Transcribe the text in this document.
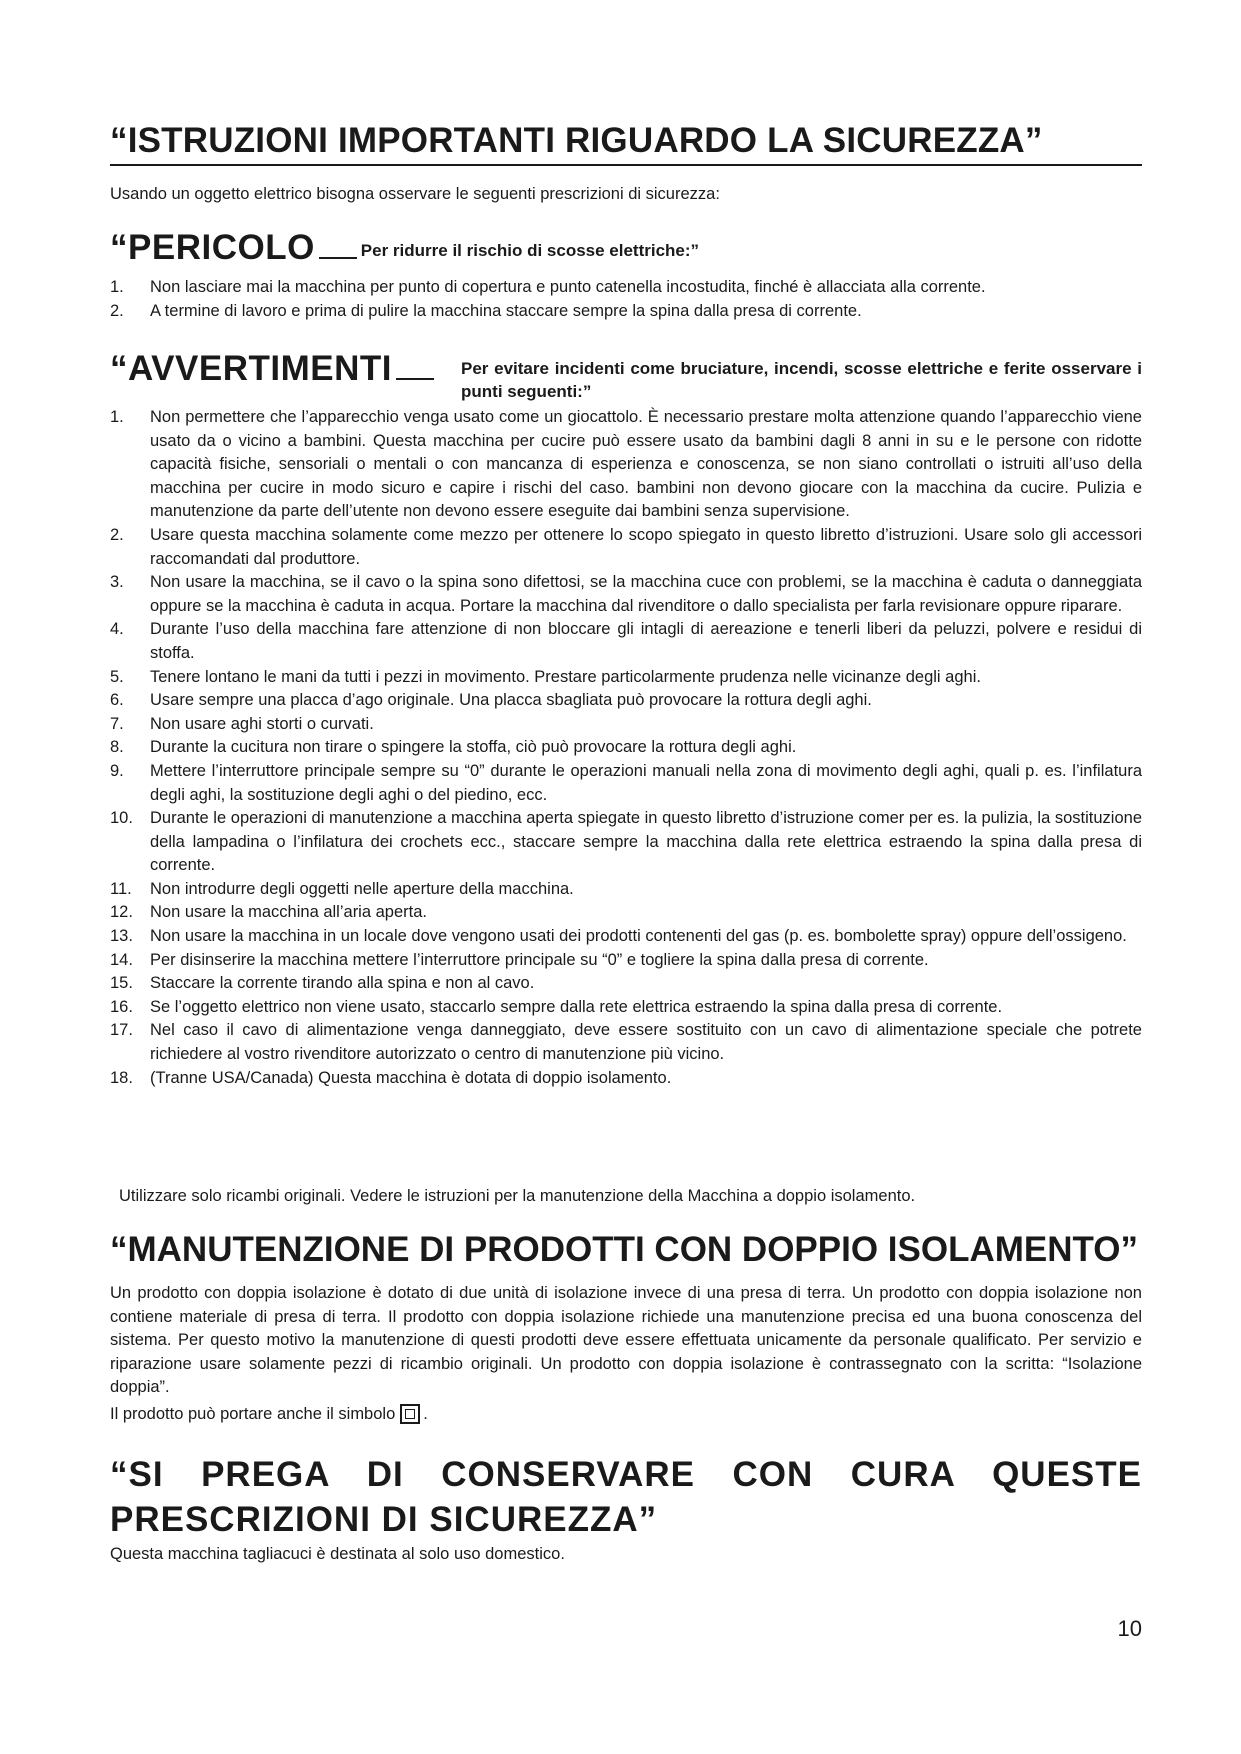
“ISTRUZIONI IMPORTANTI RIGUARDO LA SICUREZZA”
Usando un oggetto elettrico bisogna osservare le seguenti prescrizioni di sicurezza:
“PERICOLO	Per ridurre il rischio di scosse elettriche:”
1.	Non lasciare mai la macchina per punto di copertura e punto catenella incostudita, finché è allacciata alla corrente.
2.	A termine di lavoro e prima di pulire la macchina staccare sempre la spina dalla presa di corrente.
“AVVERTIMENTI	Per evitare incidenti come bruciature, incendi, scosse elettriche e ferite osservare i punti seguenti:”
1.	Non permettere che l’apparecchio venga usato come un giocattolo. È necessario prestare molta attenzione quando l’apparecchio viene usato da o vicino a bambini. Questa macchina per cucire può essere usato da bambini dagli 8 anni in su e le persone con ridotte capacità fisiche, sensoriali o mentali o con mancanza di esperienza e conoscenza, se non siano controllati o istruiti all’uso della macchina per cucire in modo sicuro e capire i rischi del caso. bambini non devono giocare con la macchina da cucire. Pulizia e manutenzione da parte dell’utente non devono essere eseguite dai bambini senza supervisione.
2.	Usare questa macchina solamente come mezzo per ottenere lo scopo spiegato in questo libretto d’istruzioni. Usare solo gli accessori raccomandati dal produttore.
3.	Non usare la macchina, se il cavo o la spina sono difettosi, se la macchina cuce con problemi, se la macchina è caduta o danneggiata oppure se la macchina è caduta in acqua. Portare la macchina dal rivenditore o dallo specialista per farla revisionare oppure riparare.
4.	Durante l’uso della macchina fare attenzione di non bloccare gli intagli di aereazione e tenerli liberi da peluzzi, polvere e residui di stoffa.
5.	Tenere lontano le mani da tutti i pezzi in movimento. Prestare particolarmente prudenza nelle vicinanze degli aghi.
6.	Usare sempre una placca d’ago originale. Una placca sbagliata può provocare la rottura degli aghi.
7.	Non usare aghi storti o curvati.
8.	Durante la cucitura non tirare o spingere la stoffa, ciò può provocare la rottura degli aghi.
9.	Mettere l’interruttore principale sempre su “0” durante le operazioni manuali nella zona di movimento degli aghi, quali p. es. l’infilatura degli aghi, la sostituzione degli aghi o del piedino, ecc.
10.	Durante le operazioni di manutenzione a macchina aperta spiegate in questo libretto d’istruzione comer per es. la pulizia, la sostituzione della lampadina o l’infilatura dei crochets ecc., staccare sempre la macchina dalla rete elettrica estraendo la spina dalla presa di corrente.
11.	Non introdurre degli oggetti nelle aperture della macchina.
12.	Non usare la macchina all’aria aperta.
13.	Non usare la macchina in un locale dove vengono usati dei prodotti contenenti del gas (p. es. bombolette spray) oppure dell’ossigeno.
14.	Per disinserire la macchina mettere l’interruttore principale su “0” e togliere la spina dalla presa di corrente.
15.	Staccare la corrente tirando alla spina e non al cavo.
16.	Se l’oggetto elettrico non viene usato, staccarlo sempre dalla rete elettrica estraendo la spina dalla presa di corrente.
17.	Nel caso il cavo di alimentazione venga danneggiato, deve essere sostituito con un cavo di alimentazione speciale che potrete richiedere al vostro rivenditore autorizzato o centro di manutenzione più vicino.
18.	(Tranne USA/Canada) Questa macchina è dotata di doppio isolamento.
Utilizzare solo ricambi originali. Vedere le istruzioni per la manutenzione della Macchina a doppio isolamento.
“MANUTENZIONE DI PRODOTTI CON DOPPIO ISOLAMENTO”
Un prodotto con doppia isolazione è dotato di due unità di isolazione invece di una presa di terra. Un prodotto con doppia isolazione non contiene materiale di presa di terra. Il prodotto con doppia isolazione richiede una manutenzione precisa ed una buona conoscenza del sistema. Per questo motivo la manutenzione di questi prodotti deve essere effettuata unicamente da personale qualificato. Per servizio e riparazione usare solamente pezzi di ricambio originali. Un prodotto con doppia isolazione è contrassegnato con la scritta: “Isolazione doppia”.
Il prodotto può portare anche il simbolo .
“SI PREGA DI CONSERVARE CON CURA QUESTE PRESCRIZIONI DI SICUREZZA”
Questa macchina tagliacuci è destinata al solo uso domestico.
10
